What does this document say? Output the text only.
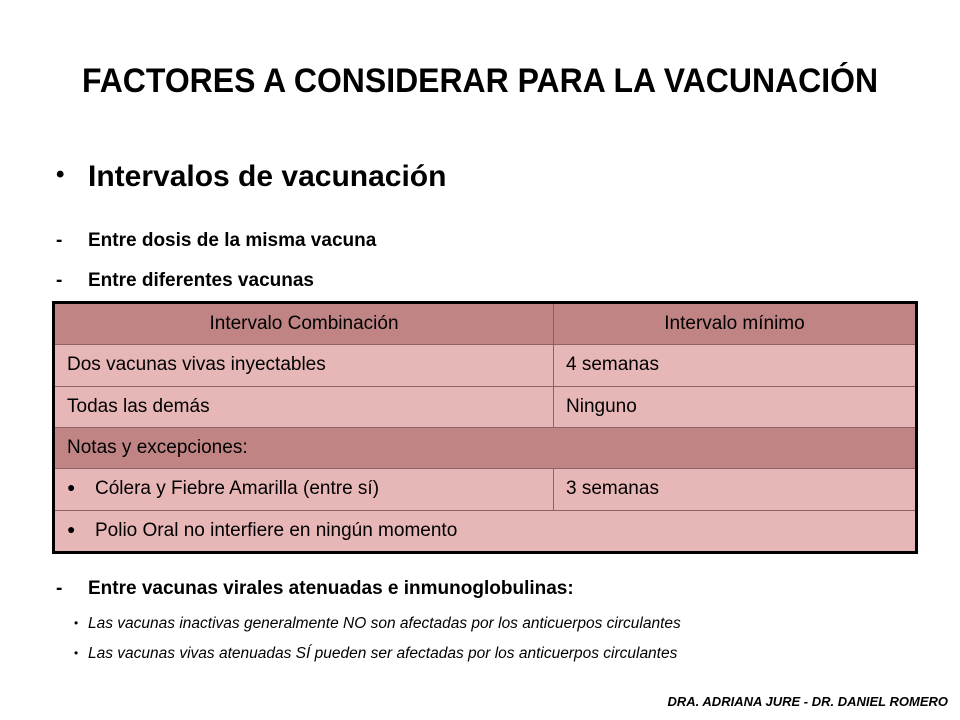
FACTORES A CONSIDERAR PARA LA VACUNACIÓN
• Intervalos de vacunación
- Entre dosis de la misma vacuna
- Entre diferentes vacunas
Intervalo Combinación	Intervalo mínimo
Dos vacunas vivas inyectables	4 semanas
Todas las demás	Ninguno
Notas y excepciones:	
● Cólera y Fiebre Amarilla (entre sí)	3 semanas
● Polio Oral no interfiere en ningún momento	
- Entre vacunas virales atenuadas e inmunoglobulinas:
• Las vacunas inactivas generalmente NO son afectadas por los anticuerpos circulantes
• Las vacunas vivas atenuadas SÍ pueden ser afectadas por los anticuerpos circulantes
DRA. ADRIANA JURE - DR. DANIEL ROMERO
